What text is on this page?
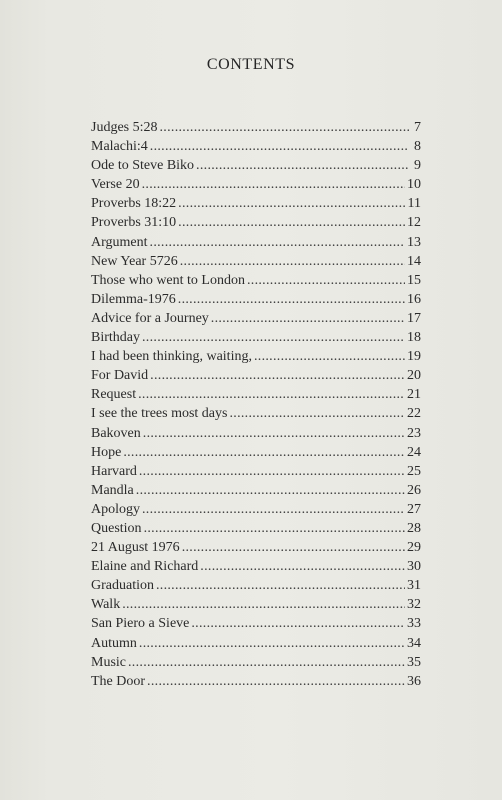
CONTENTS
Judges 5:28 .....	7
Malachi:4 .....	8
Ode to Steve Biko .....	9
Verse 20 .....	10
Proverbs 18:22 .....	11
Proverbs 31:10 .....	12
Argument .....	13
New Year 5726 .....	14
Those who went to London .....	15
Dilemma-1976 .....	16
Advice for a Journey .....	17
Birthday .....	18
I had been thinking, waiting, .....	19
For David .....	20
Request .....	21
I see the trees most days .....	22
Bakoven .....	23
Hope .....	24
Harvard .....	25
Mandla .....	26
Apology .....	27
Question .....	28
21 August 1976 .....	29
Elaine and Richard .....	30
Graduation .....	31
Walk .....	32
San Piero a Sieve .....	33
Autumn .....	34
Music .....	35
The Door .....	36
